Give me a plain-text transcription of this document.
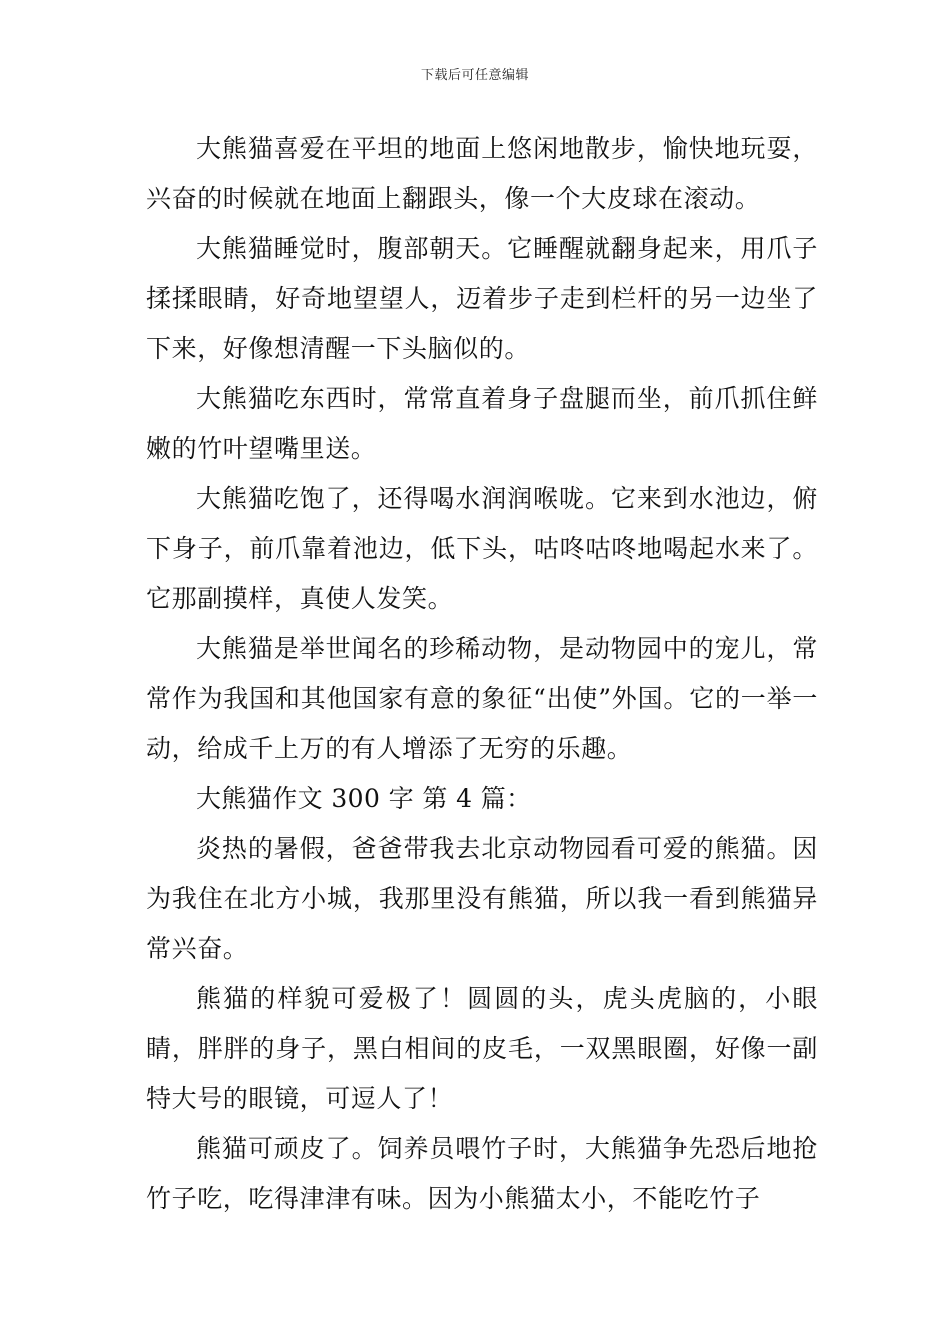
下载后可任意编辑

大熊猫喜爱在平坦的地面上悠闲地散步，愉快地玩耍，兴奋的时候就在地面上翻跟头，像一个大皮球在滚动。

大熊猫睡觉时，腹部朝天。它睡醒就翻身起来，用爪子揉揉眼睛，好奇地望望人，迈着步子走到栏杆的另一边坐了下来，好像想清醒一下头脑似的。

大熊猫吃东西时，常常直着身子盘腿而坐，前爪抓住鲜嫩的竹叶望嘴里送。

大熊猫吃饱了，还得喝水润润喉咙。它来到水池边，俯下身子，前爪靠着池边，低下头，咕咚咕咚地喝起水来了。它那副摸样，真使人发笑。

大熊猫是举世闻名的珍稀动物，是动物园中的宠儿，常常作为我国和其他国家有意的象征“出使”外国。它的一举一动，给成千上万的有人增添了无穷的乐趣。

大熊猫作文 300 字 第 4 篇：

炎热的暑假，爸爸带我去北京动物园看可爱的熊猫。因为我住在北方小城，我那里没有熊猫，所以我一看到熊猫异常兴奋。

熊猫的样貌可爱极了！圆圆的头，虎头虎脑的，小眼睛，胖胖的身子，黑白相间的皮毛，一双黑眼圈，好像一副特大号的眼镜，可逗人了！

熊猫可顽皮了。饲养员喂竹子时，大熊猫争先恐后地抢竹子吃，吃得津津有味。因为小熊猫太小，不能吃竹子
